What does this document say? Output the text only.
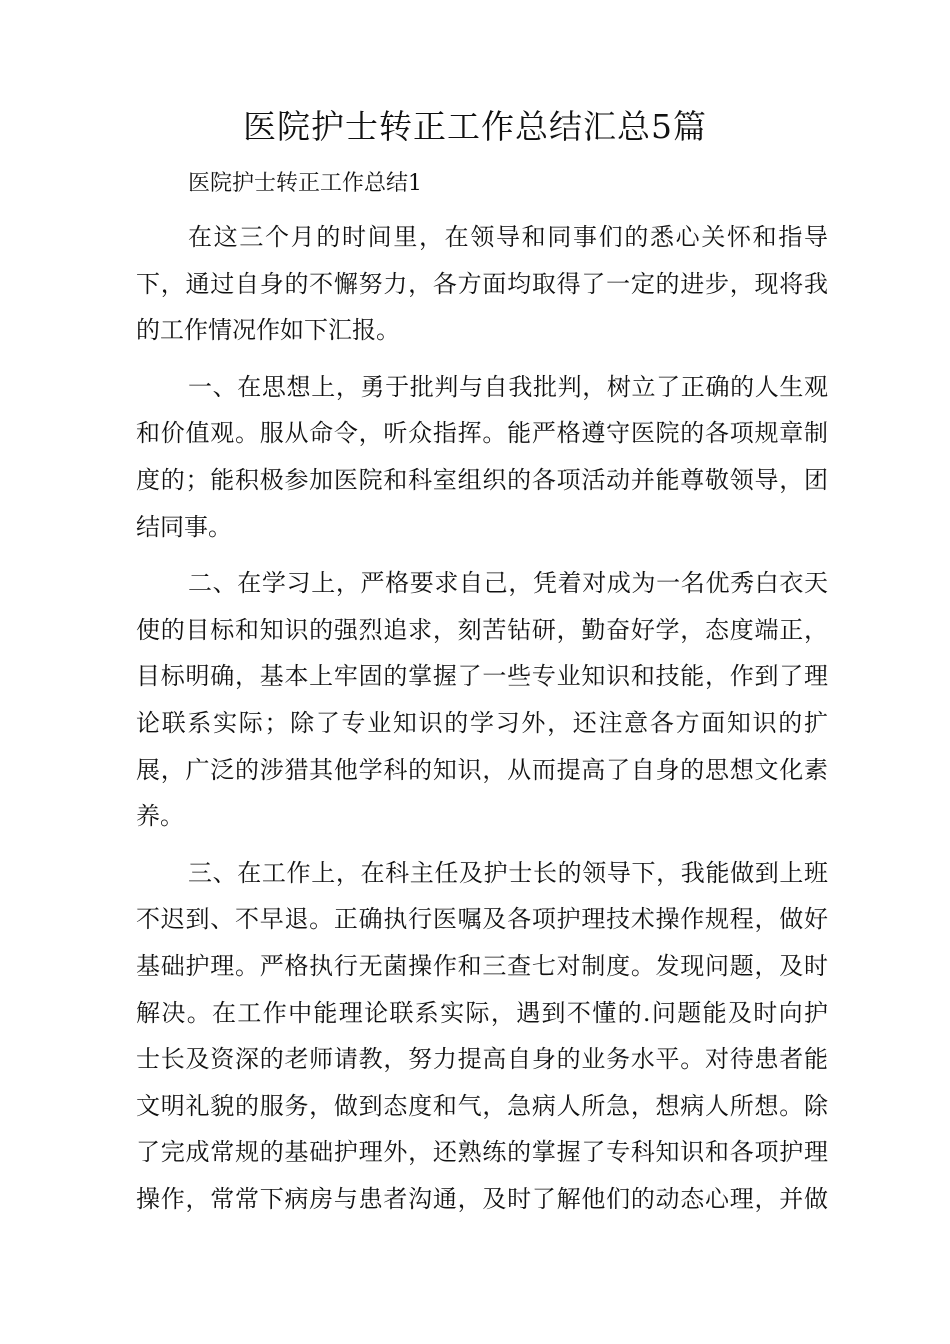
医院护士转正工作总结汇总5篇

医院护士转正工作总结1

在这三个月的时间里，在领导和同事们的悉心关怀和指导
下，通过自身的不懈努力，各方面均取得了一定的进步，现将我
的工作情况作如下汇报。
一、在思想上，勇于批判与自我批判，树立了正确的人生观
和价值观。服从命令，听众指挥。能严格遵守医院的各项规章制
度的；能积极参加医院和科室组织的各项活动并能尊敬领导，团
结同事。
二、在学习上，严格要求自己，凭着对成为一名优秀白衣天
使的目标和知识的强烈追求，刻苦钻研，勤奋好学，态度端正，
目标明确，基本上牢固的掌握了一些专业知识和技能，作到了理
论联系实际；除了专业知识的学习外，还注意各方面知识的扩
展，广泛的涉猎其他学科的知识，从而提高了自身的思想文化素
养。
三、在工作上，在科主任及护士长的领导下，我能做到上班
不迟到、不早退。正确执行医嘱及各项护理技术操作规程，做好
基础护理。严格执行无菌操作和三查七对制度。发现问题，及时
解决。在工作中能理论联系实际，遇到不懂的.问题能及时向护
士长及资深的老师请教，努力提高自身的业务水平。对待患者能
文明礼貌的服务，做到态度和气，急病人所急，想病人所想。除
了完成常规的基础护理外，还熟练的掌握了专科知识和各项护理
操作，常常下病房与患者沟通，及时了解他们的动态心理，并做
